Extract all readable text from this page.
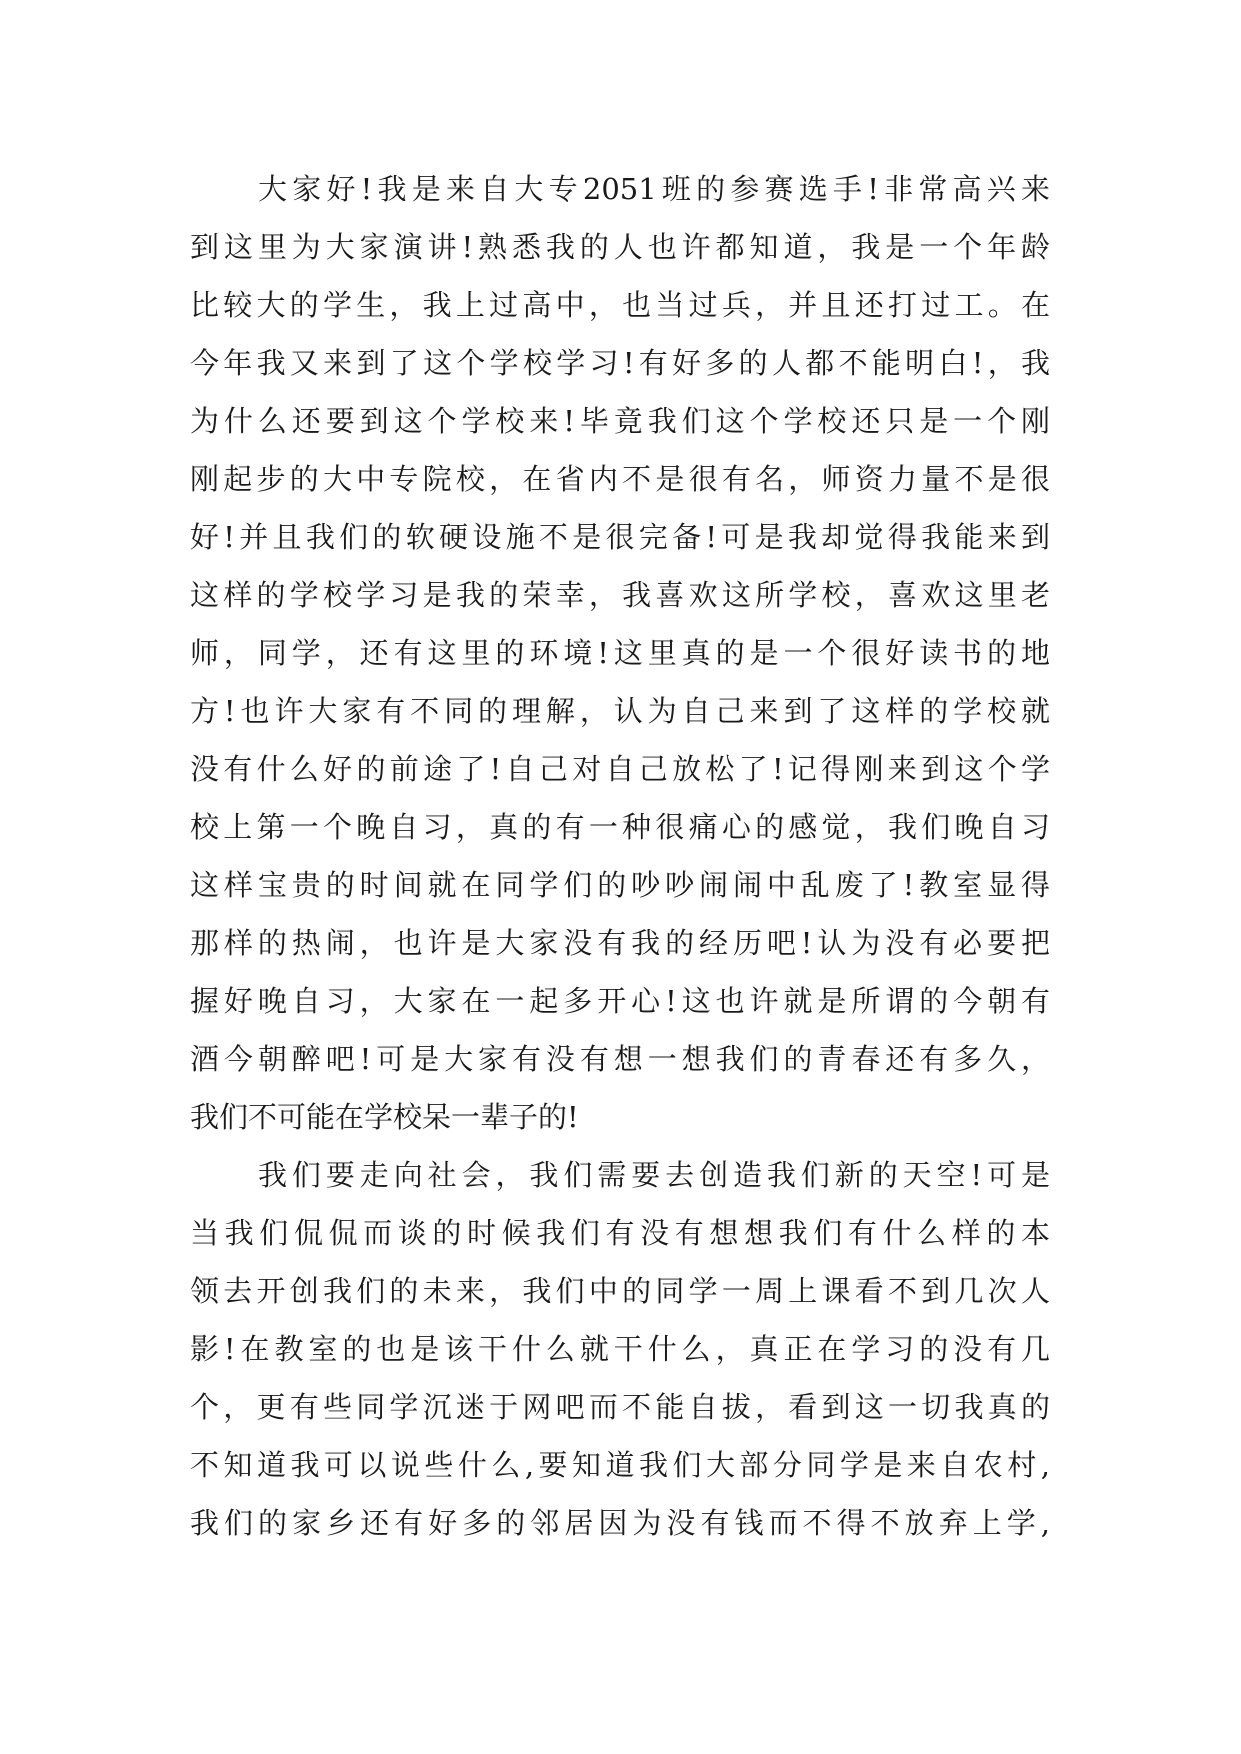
大家好!我是来自大专2051班的参赛选手!非常高兴来
到这里为大家演讲!熟悉我的人也许都知道，我是一个年龄
比较大的学生，我上过高中，也当过兵，并且还打过工。在
今年我又来到了这个学校学习!有好多的人都不能明白!，我
为什么还要到这个学校来!毕竟我们这个学校还只是一个刚
刚起步的大中专院校，在省内不是很有名，师资力量不是很
好!并且我们的软硬设施不是很完备!可是我却觉得我能来到
这样的学校学习是我的荣幸，我喜欢这所学校，喜欢这里老
师，同学，还有这里的环境!这里真的是一个很好读书的地
方!也许大家有不同的理解，认为自己来到了这样的学校就
没有什么好的前途了!自己对自己放松了!记得刚来到这个学
校上第一个晚自习，真的有一种很痛心的感觉，我们晚自习
这样宝贵的时间就在同学们的吵吵闹闹中乱废了!教室显得
那样的热闹，也许是大家没有我的经历吧!认为没有必要把
握好晚自习，大家在一起多开心!这也许就是所谓的今朝有
酒今朝醉吧!可是大家有没有想一想我们的青春还有多久，
我们不可能在学校呆一辈子的!
我们要走向社会，我们需要去创造我们新的天空!可是
当我们侃侃而谈的时候我们有没有想想我们有什么样的本
领去开创我们的未来，我们中的同学一周上课看不到几次人
影!在教室的也是该干什么就干什么，真正在学习的没有几
个，更有些同学沉迷于网吧而不能自拔，看到这一切我真的
不知道我可以说些什么,要知道我们大部分同学是来自农村,
我们的家乡还有好多的邻居因为没有钱而不得不放弃上学,
